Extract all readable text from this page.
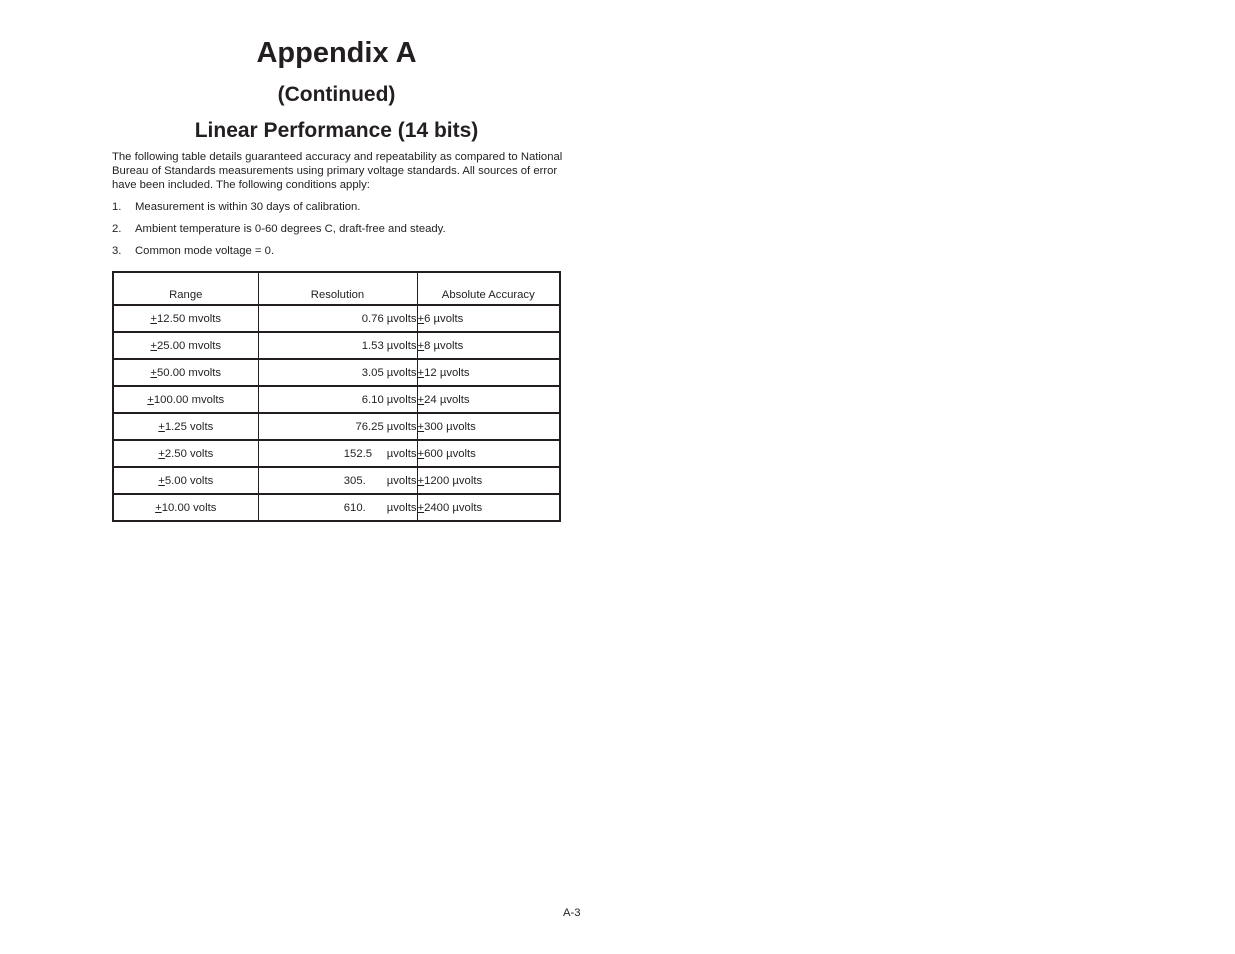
Appendix A
(Continued)
Linear Performance (14 bits)

The following table details guaranteed accuracy and repeatability as compared to National Bureau of Standards measurements using primary voltage standards. All sources of error have been included. The following conditions apply:

1.	Measurement is within 30 days of calibration.
2.	Ambient temperature is 0-60 degrees C, draft-free and steady.
3.	Common mode voltage = 0.
Range	Resolution	Absolute Accuracy
+12.50 mvolts	0.76 µvolts	+6 µvolts
+25.00 mvolts	1.53 µvolts	+8 µvolts
+50.00 mvolts	3.05 µvolts	+12 µvolts
+100.00 mvolts	6.10 µvolts	+24 µvolts
+1.25 volts	76.25 µvolts	+300 µvolts
+2.50 volts	152.5 µvolts	+600 µvolts
+5.00 volts	305. µvolts	+1200 µvolts
+10.00 volts	610. µvolts	+2400 µvolts
A-3
